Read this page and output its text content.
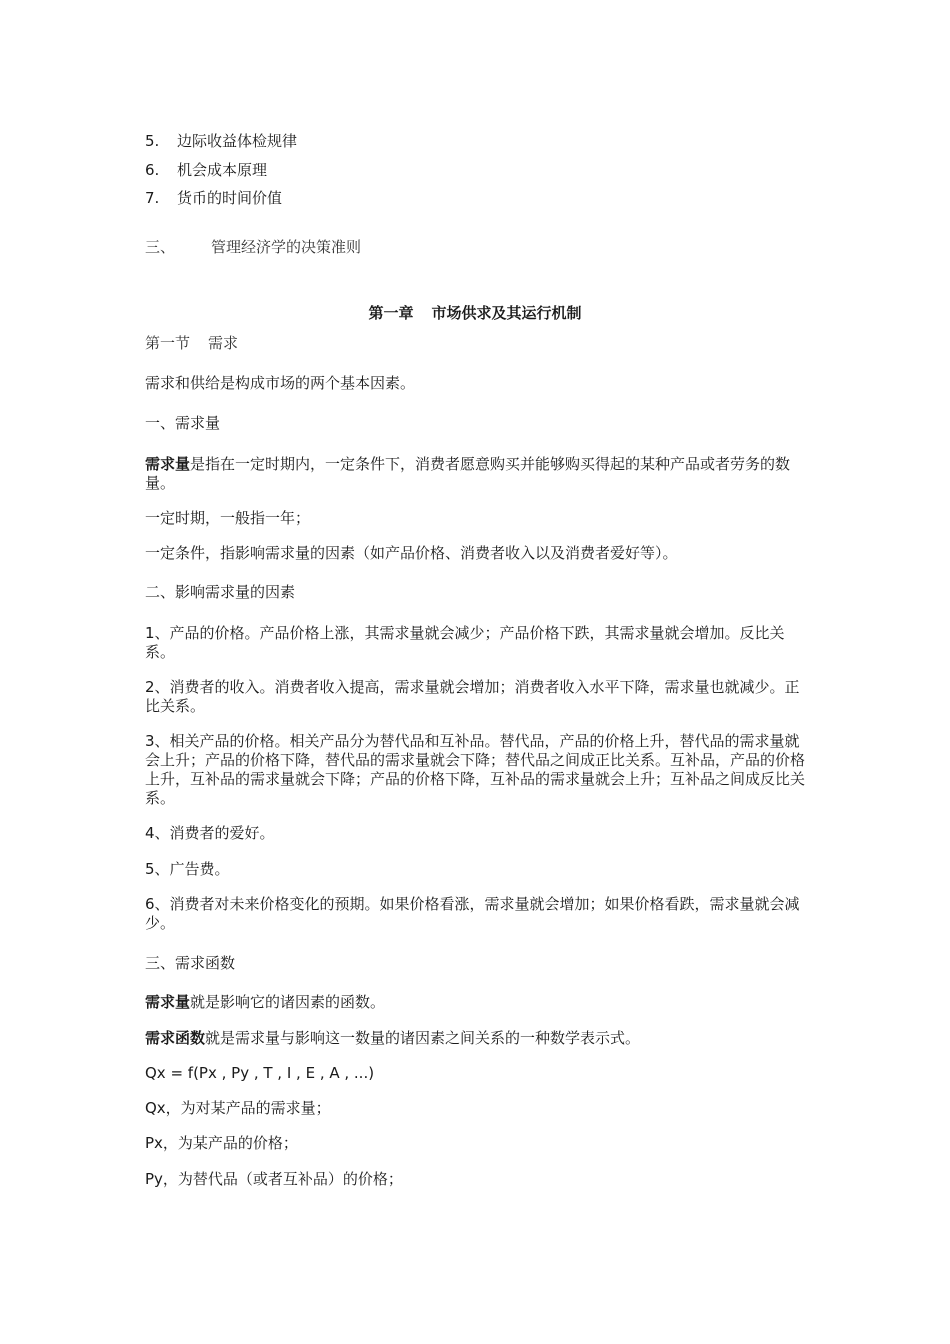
5. 边际收益体检规律

6. 机会成本原理

7. 货币的时间价值

三、 管理经济学的决策准则

第一章 市场供求及其运行机制

第一节 需求

需求和供给是构成市场的两个基本因素。

一、需求量

需求量是指在一定时期内，一定条件下，消费者愿意购买并能够购买得起的某种产品或者劳务的数量。

一定时期，一般指一年；

一定条件，指影响需求量的因素（如产品价格、消费者收入以及消费者爱好等）。

二、影响需求量的因素

1、产品的价格。产品价格上涨，其需求量就会减少；产品价格下跌，其需求量就会增加。反比关系。

2、消费者的收入。消费者收入提高，需求量就会增加；消费者收入水平下降，需求量也就减少。正比关系。

3、相关产品的价格。相关产品分为替代品和互补品。替代品，产品的价格上升，替代品的需求量就会上升；产品的价格下降，替代品的需求量就会下降；替代品之间成正比关系。互补品，产品的价格上升，互补品的需求量就会下降；产品的价格下降，互补品的需求量就会上升；互补品之间成反比关系。

4、消费者的爱好。

5、广告费。

6、消费者对未来价格变化的预期。如果价格看涨，需求量就会增加；如果价格看跌，需求量就会减少。

三、需求函数

需求量就是影响它的诸因素的函数。

需求函数就是需求量与影响这一数量的诸因素之间关系的一种数学表示式。

Qx = f(Px , Py , T , I , E , A , ...)

Qx，为对某产品的需求量；

Px，为某产品的价格；

Py，为替代品（或者互补品）的价格；
